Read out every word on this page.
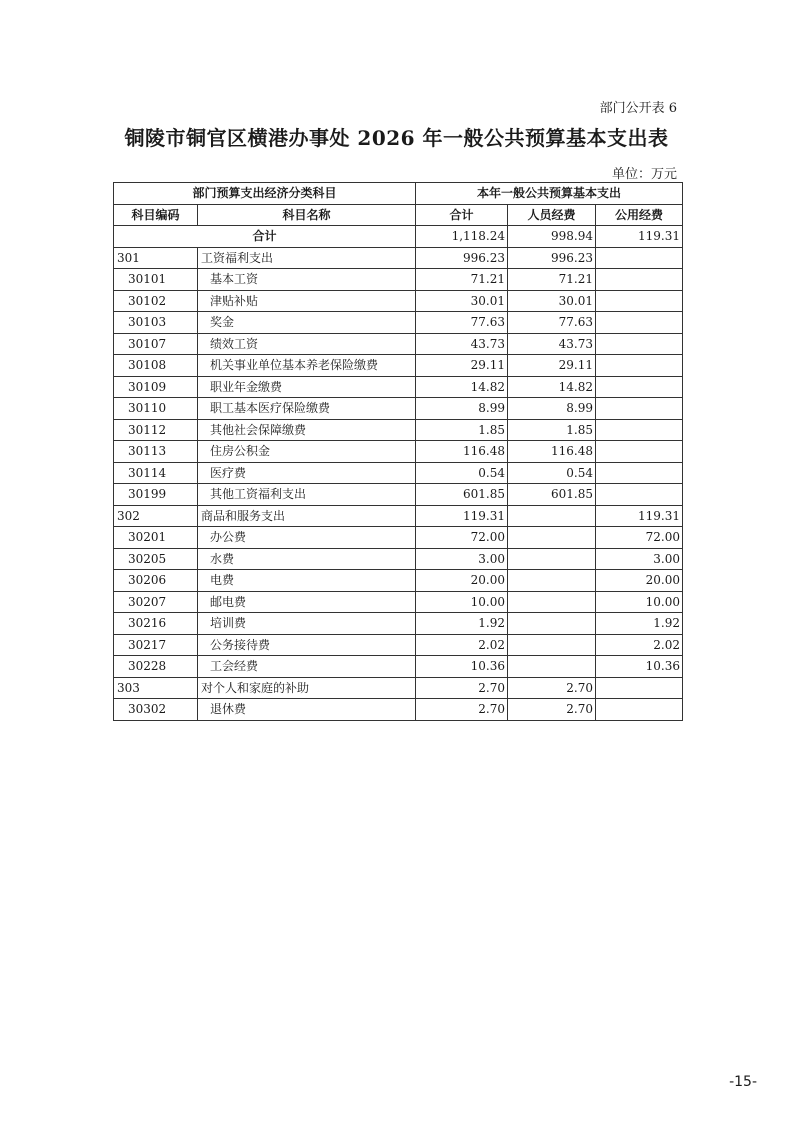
部门公开表 6
铜陵市铜官区横港办事处 2026 年一般公共预算基本支出表
单位：万元
部门预算支出经济分类科目		本年一般公共预算基本支出		
科目编码	科目名称	合计	人员经费	公用经费
合计		1,118.24	998.94	119.31
301	工资福利支出	996.23	996.23	
30101	基本工资	71.21	71.21	
30102	津贴补贴	30.01	30.01	
30103	奖金	77.63	77.63	
30107	绩效工资	43.73	43.73	
30108	机关事业单位基本养老保险缴费	29.11	29.11	
30109	职业年金缴费	14.82	14.82	
30110	职工基本医疗保险缴费	8.99	8.99	
30112	其他社会保障缴费	1.85	1.85	
30113	住房公积金	116.48	116.48	
30114	医疗费	0.54	0.54	
30199	其他工资福利支出	601.85	601.85	
302	商品和服务支出	119.31		119.31
30201	办公费	72.00		72.00
30205	水费	3.00		3.00
30206	电费	20.00		20.00
30207	邮电费	10.00		10.00
30216	培训费	1.92		1.92
30217	公务接待费	2.02		2.02
30228	工会经费	10.36		10.36
303	对个人和家庭的补助	2.70	2.70	
30302	退休费	2.70	2.70	
-15-
